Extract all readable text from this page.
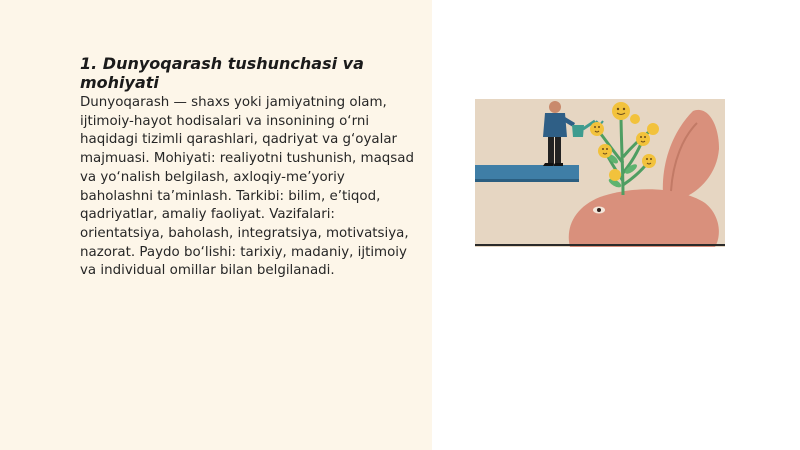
1. Dunyoqarash tushunchasi va mohiyati

Dunyoqarash — shaxs yoki jamiyatning olam, ijtimoiy-hayot hodisalari va insonining o‘rni haqidagi tizimli qarashlari, qadriyat va g‘oyalar majmuasi. Mohiyati: realiyotni tushunish, maqsad va yo‘nalish belgilash, axloqiy-me’yoriy baholashni ta’minlash. Tarkibi: bilim, e’tiqod, qadriyatlar, amaliy faoliyat. Vazifalari: orientatsiya, baholash, integratsiya, motivatsiya, nazorat. Paydo bo‘lishi: tarixiy, madaniy, ijtimoiy va individual omillar bilan belgilanadi.
